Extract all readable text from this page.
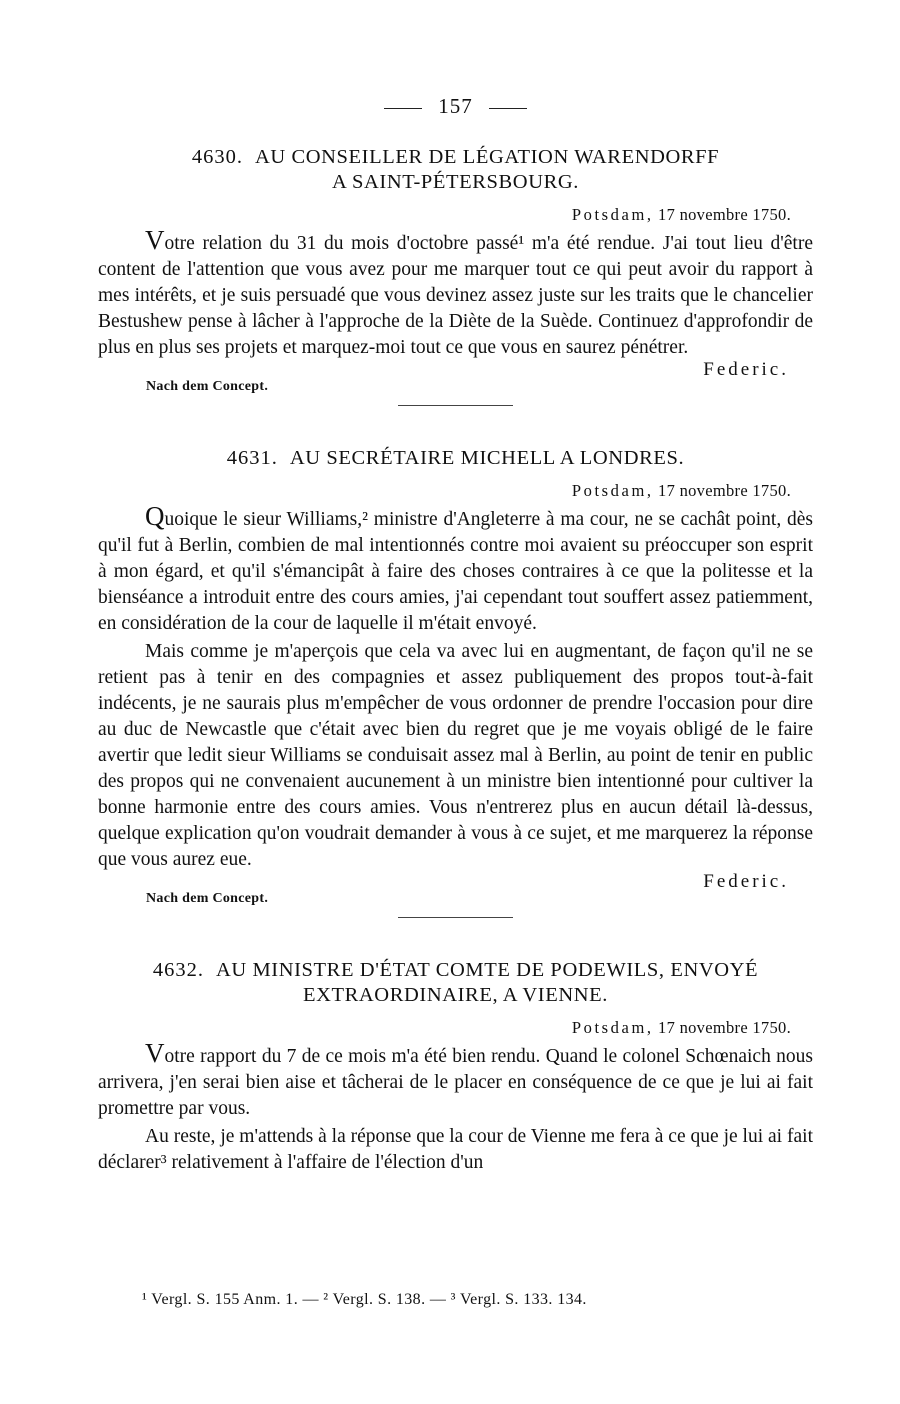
157
4630. AU CONSEILLER DE LÉGATION WARENDORFF
A SAINT-PÉTERSBOURG.
Potsdam, 17 novembre 1750.

Votre relation du 31 du mois d'octobre passé¹ m'a été rendue. J'ai tout lieu d'être content de l'attention que vous avez pour me marquer tout ce qui peut avoir du rapport à mes intérêts, et je suis persuadé que vous devinez assez juste sur les traits que le chancelier Bestushew pense à lâcher à l'approche de la Diète de la Suède. Continuez d'approfondir de plus en plus ses projets et marquez-moi tout ce que vous en saurez pénétrer.

Federic.
Nach dem Concept.
4631. AU SECRÉTAIRE MICHELL A LONDRES.
Potsdam, 17 novembre 1750.

Quoique le sieur Williams,² ministre d'Angleterre à ma cour, ne se cachât point, dès qu'il fut à Berlin, combien de mal intentionnés contre moi avaient su préoccuper son esprit à mon égard, et qu'il s'émancipât à faire des choses contraires à ce que la politesse et la bienséance a introduit entre des cours amies, j'ai cependant tout souffert assez patiemment, en considération de la cour de laquelle il m'était envoyé.

Mais comme je m'aperçois que cela va avec lui en augmentant, de façon qu'il ne se retient pas à tenir en des compagnies et assez publiquement des propos tout-à-fait indécents, je ne saurais plus m'empêcher de vous ordonner de prendre l'occasion pour dire au duc de Newcastle que c'était avec bien du regret que je me voyais obligé de le faire avertir que ledit sieur Williams se conduisait assez mal à Berlin, au point de tenir en public des propos qui ne convenaient aucunement à un ministre bien intentionné pour cultiver la bonne harmonie entre des cours amies. Vous n'entrerez plus en aucun détail là-dessus, quelque explication qu'on voudrait demander à vous à ce sujet, et me marquerez la réponse que vous aurez eue.

Federic.
Nach dem Concept.
4632. AU MINISTRE D'ÉTAT COMTE DE PODEWILS, ENVOYÉ
EXTRAORDINAIRE, A VIENNE.
Potsdam, 17 novembre 1750.

Votre rapport du 7 de ce mois m'a été bien rendu. Quand le colonel Schœnaich nous arrivera, j'en serai bien aise et tâcherai de le placer en conséquence de ce que je lui ai fait promettre par vous.

Au reste, je m'attends à la réponse que la cour de Vienne me fera à ce que je lui ai fait déclarer³ relativement à l'affaire de l'élection d'un

¹ Vergl. S. 155 Anm. 1. — ² Vergl. S. 138. — ³ Vergl. S. 133. 134.
